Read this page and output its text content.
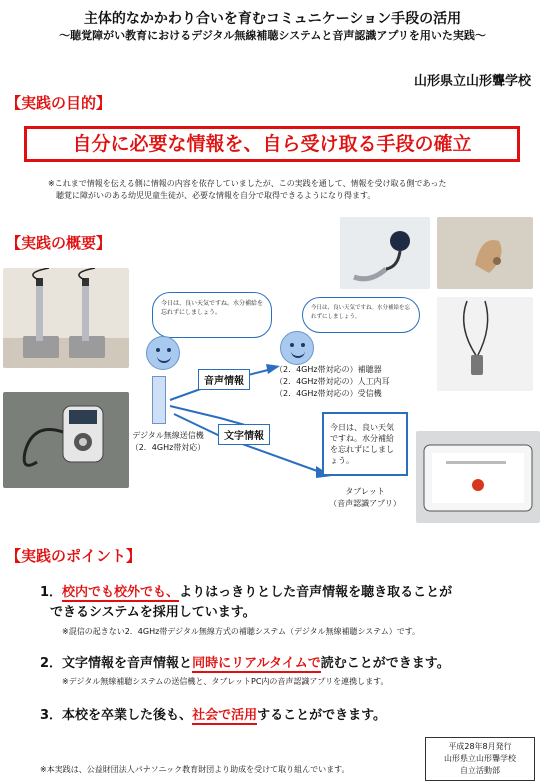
主体的なかかわり合いを育むコミュニケーション手段の活用
～聴覚障がい教育におけるデジタル無線補聴システムと音声認識アプリを用いた実践～
山形県立山形聾学校
【実践の目的】
自分に必要な情報を、自ら受け取る手段の確立
※これまで情報を伝える側に情報の内容を依存していましたが、この実践を通して、情報を受け取る側であった
聴覚に障がいのある幼児児童生徒が、必要な情報を自分で取得できるようになり得ます。
【実践の概要】
今日は、良い天気ですね。水分補給を忘れずにしましょう。
今日は、良い天気ですね。水分補給を忘れずにしましょう。
音声情報
文字情報
（2．4GHz帯対応の）補聴器
（2．4GHz帯対応の）人工内耳
（2．4GHz帯対応の）受信機
デジタル無線送信機
（2．4GHz帯対応）
今日は、良い天気ですね。水分補給を忘れずにしましょう。
タブレット
（音声認識アプリ）
【実践のポイント】
1．校内でも校外でも、よりはっきりとした音声情報を聴き取ることが
できるシステムを採用しています。
※混信の起きない2．4GHz帯デジタル無線方式の補聴システム（デジタル無線補聴システム）です。
2．文字情報を音声情報と同時にリアルタイムで読むことができます。
※デジタル無線補聴システムの送信機と、タブレットPC内の音声認識アプリを連携します。
3．本校を卒業した後も、社会で活用することができます。
※本実践は、公益財団法人パナソニック教育財団より助成を受けて取り組んでいます。
平成28年8月発行
山形県立山形聾学校
自立活動部
